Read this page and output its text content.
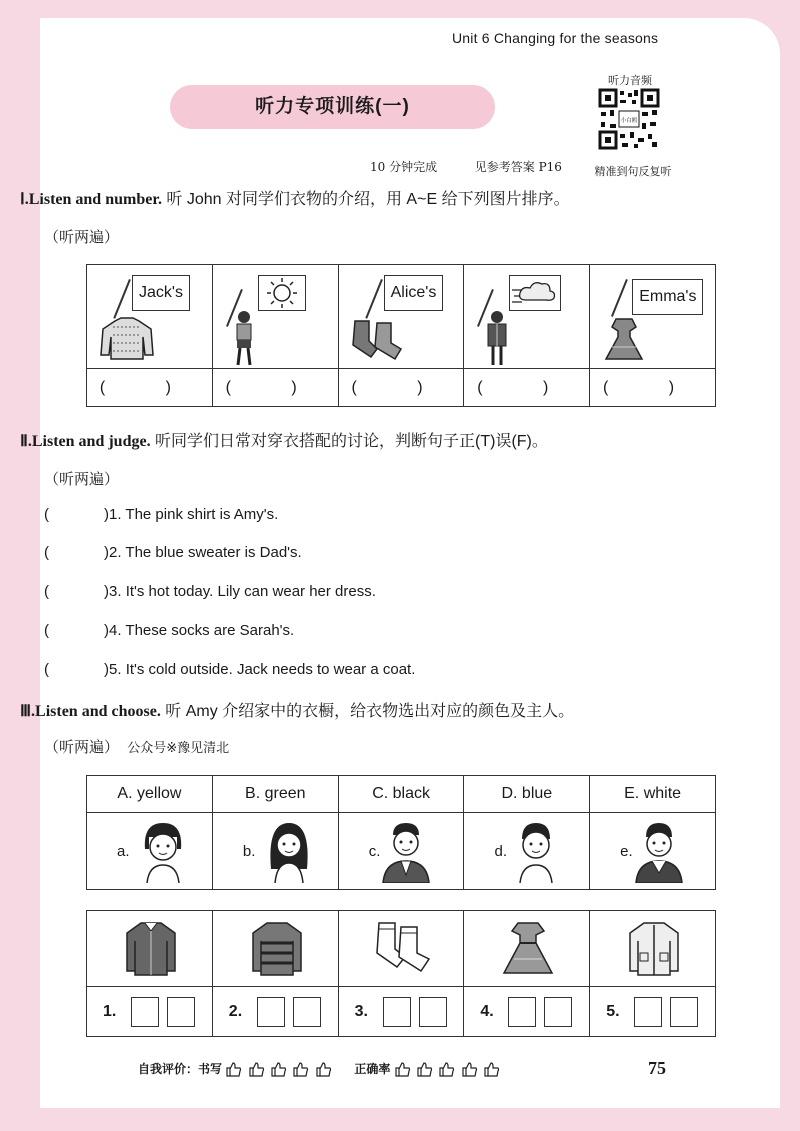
Unit 6 Changing for the seasons
听力专项训练(一)
听力音频
小白鸥
精准到句反复听
10 分钟完成	见参考答案 P16
Ⅰ.Listen and number. 听 John 对同学们衣物的介绍，用 A~E 给下列图片排序。
（听两遍）
Jack's		Alice's		Emma's

( )	( )	( )	( )	( )
Ⅱ.Listen and judge. 听同学们日常对穿衣搭配的讨论，判断句子正(T)误(F)。
（听两遍）
(	)1. The pink shirt is Amy's.
(	)2. The blue sweater is Dad's.
(	)3. It's hot today. Lily can wear her dress.
(	)4. These socks are Sarah's.
(	)5. It's cold outside. Jack needs to wear a coat.
Ⅲ.Listen and choose. 听 Amy 介绍家中的衣橱，给衣物选出对应的颜色及主人。
（听两遍） 公众号※豫见清北
A. yellow	B. green	C. black	D. blue	E. white

a.	b.	c.	d.	e.

1.	2.	3.	4.	5.
自我评价：书写	正确率	75
